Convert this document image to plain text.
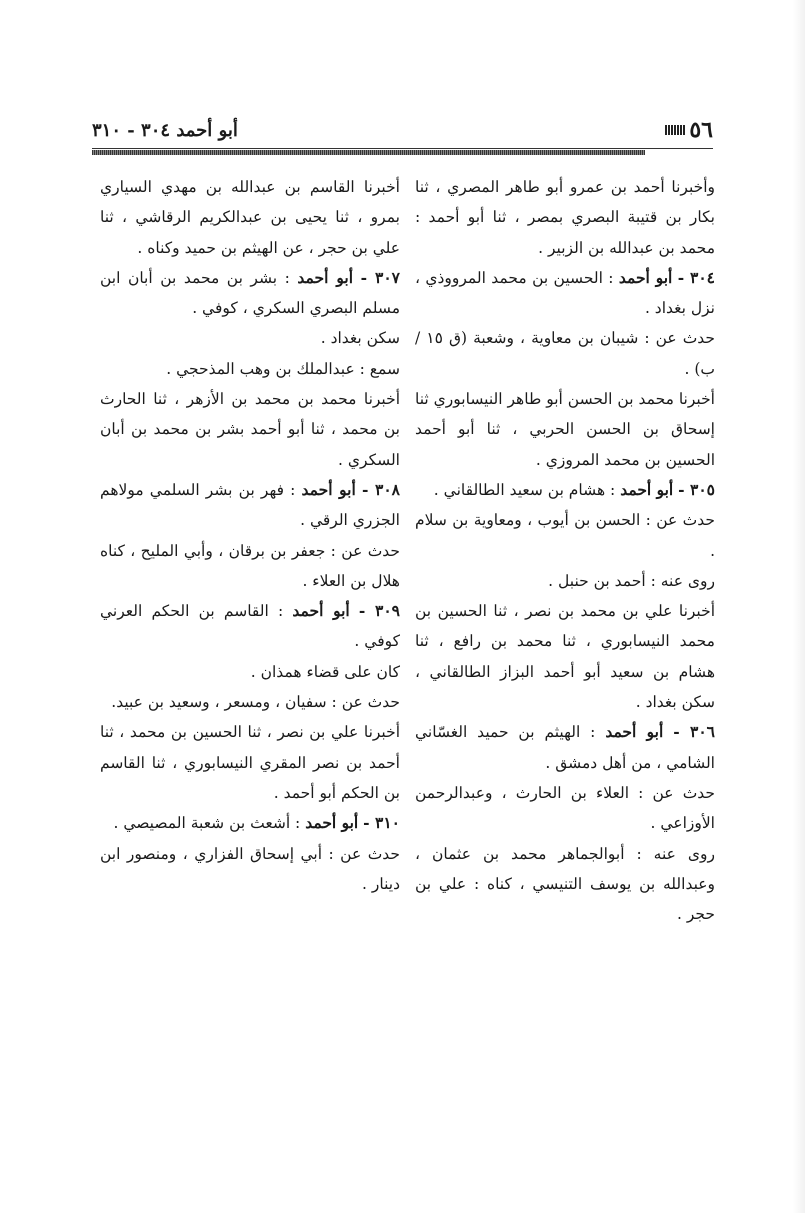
٥٦
أبو أحمد ٣٠٤ - ٣١٠

وأخبرنا أحمد بن عمرو أبو طاهر المصري ، ثنا بكار بن قتيبة البصري بمصر ، ثنا أبو أحمد : محمد بن عبدالله بن الزبير .

٣٠٤ - أبو أحمد : الحسين بن محمد المرووذي ، نزل بغداد .

حدث عن : شيبان بن معاوية ، وشعبة (ق ١٥ / ب) .

أخبرنا محمد بن الحسن أبو طاهر النيسابوري ثنا إسحاق بن الحسن الحربي ، ثنا أبو أحمد الحسين بن محمد المروزي .

٣٠٥ - أبو أحمد : هشام بن سعيد الطالقاني .

حدث عن : الحسن بن أيوب ، ومعاوية بن سلام .

روى عنه : أحمد بن حنبل .

أخبرنا علي بن محمد بن نصر ، ثنا الحسين بن محمد النيسابوري ، ثنا محمد بن رافع ، ثنا هشام بن سعيد أبو أحمد البزاز الطالقاني ، سكن بغداد .

٣٠٦ - أبو أحمد : الهيثم بن حميد الغسّاني الشامي ، من أهل دمشق .

حدث عن : العلاء بن الحارث ، وعبدالرحمن الأوزاعي .

روى عنه : أبوالجماهر محمد بن عثمان ، وعبدالله بن يوسف التنيسي ، كناه : علي بن حجر .

أخبرنا القاسم بن عبدالله بن مهدي السياري بمرو ، ثنا يحيى بن عبدالكريم الرقاشي ، ثنا علي بن حجر ، عن الهيثم بن حميد وكناه .

٣٠٧ - أبو أحمد : بشر بن محمد بن أبان ابن مسلم البصري السكري ، كوفي .

سكن بغداد .

سمع : عبدالملك بن وهب المذحجي .

أخبرنا محمد بن محمد بن الأزهر ، ثنا الحارث بن محمد ، ثنا أبو أحمد بشر بن محمد بن أبان السكري .

٣٠٨ - أبو أحمد : فهر بن بشر السلمي مولاهم الجزري الرقي .

حدث عن : جعفر بن برقان ، وأبي المليح ، كناه هلال بن العلاء .

٣٠٩ - أبو أحمد : القاسم بن الحكم العرني كوفي .

كان على قضاء همذان .

حدث عن : سفيان ، ومسعر ، وسعيد بن عبيد.

أخبرنا علي بن نصر ، ثنا الحسين بن محمد ، ثنا أحمد بن نصر المقري النيسابوري ، ثنا القاسم بن الحكم أبو أحمد .

٣١٠ - أبو أحمد : أشعث بن شعبة المصيصي .

حدث عن : أبي إسحاق الفزاري ، ومنصور ابن دينار .
